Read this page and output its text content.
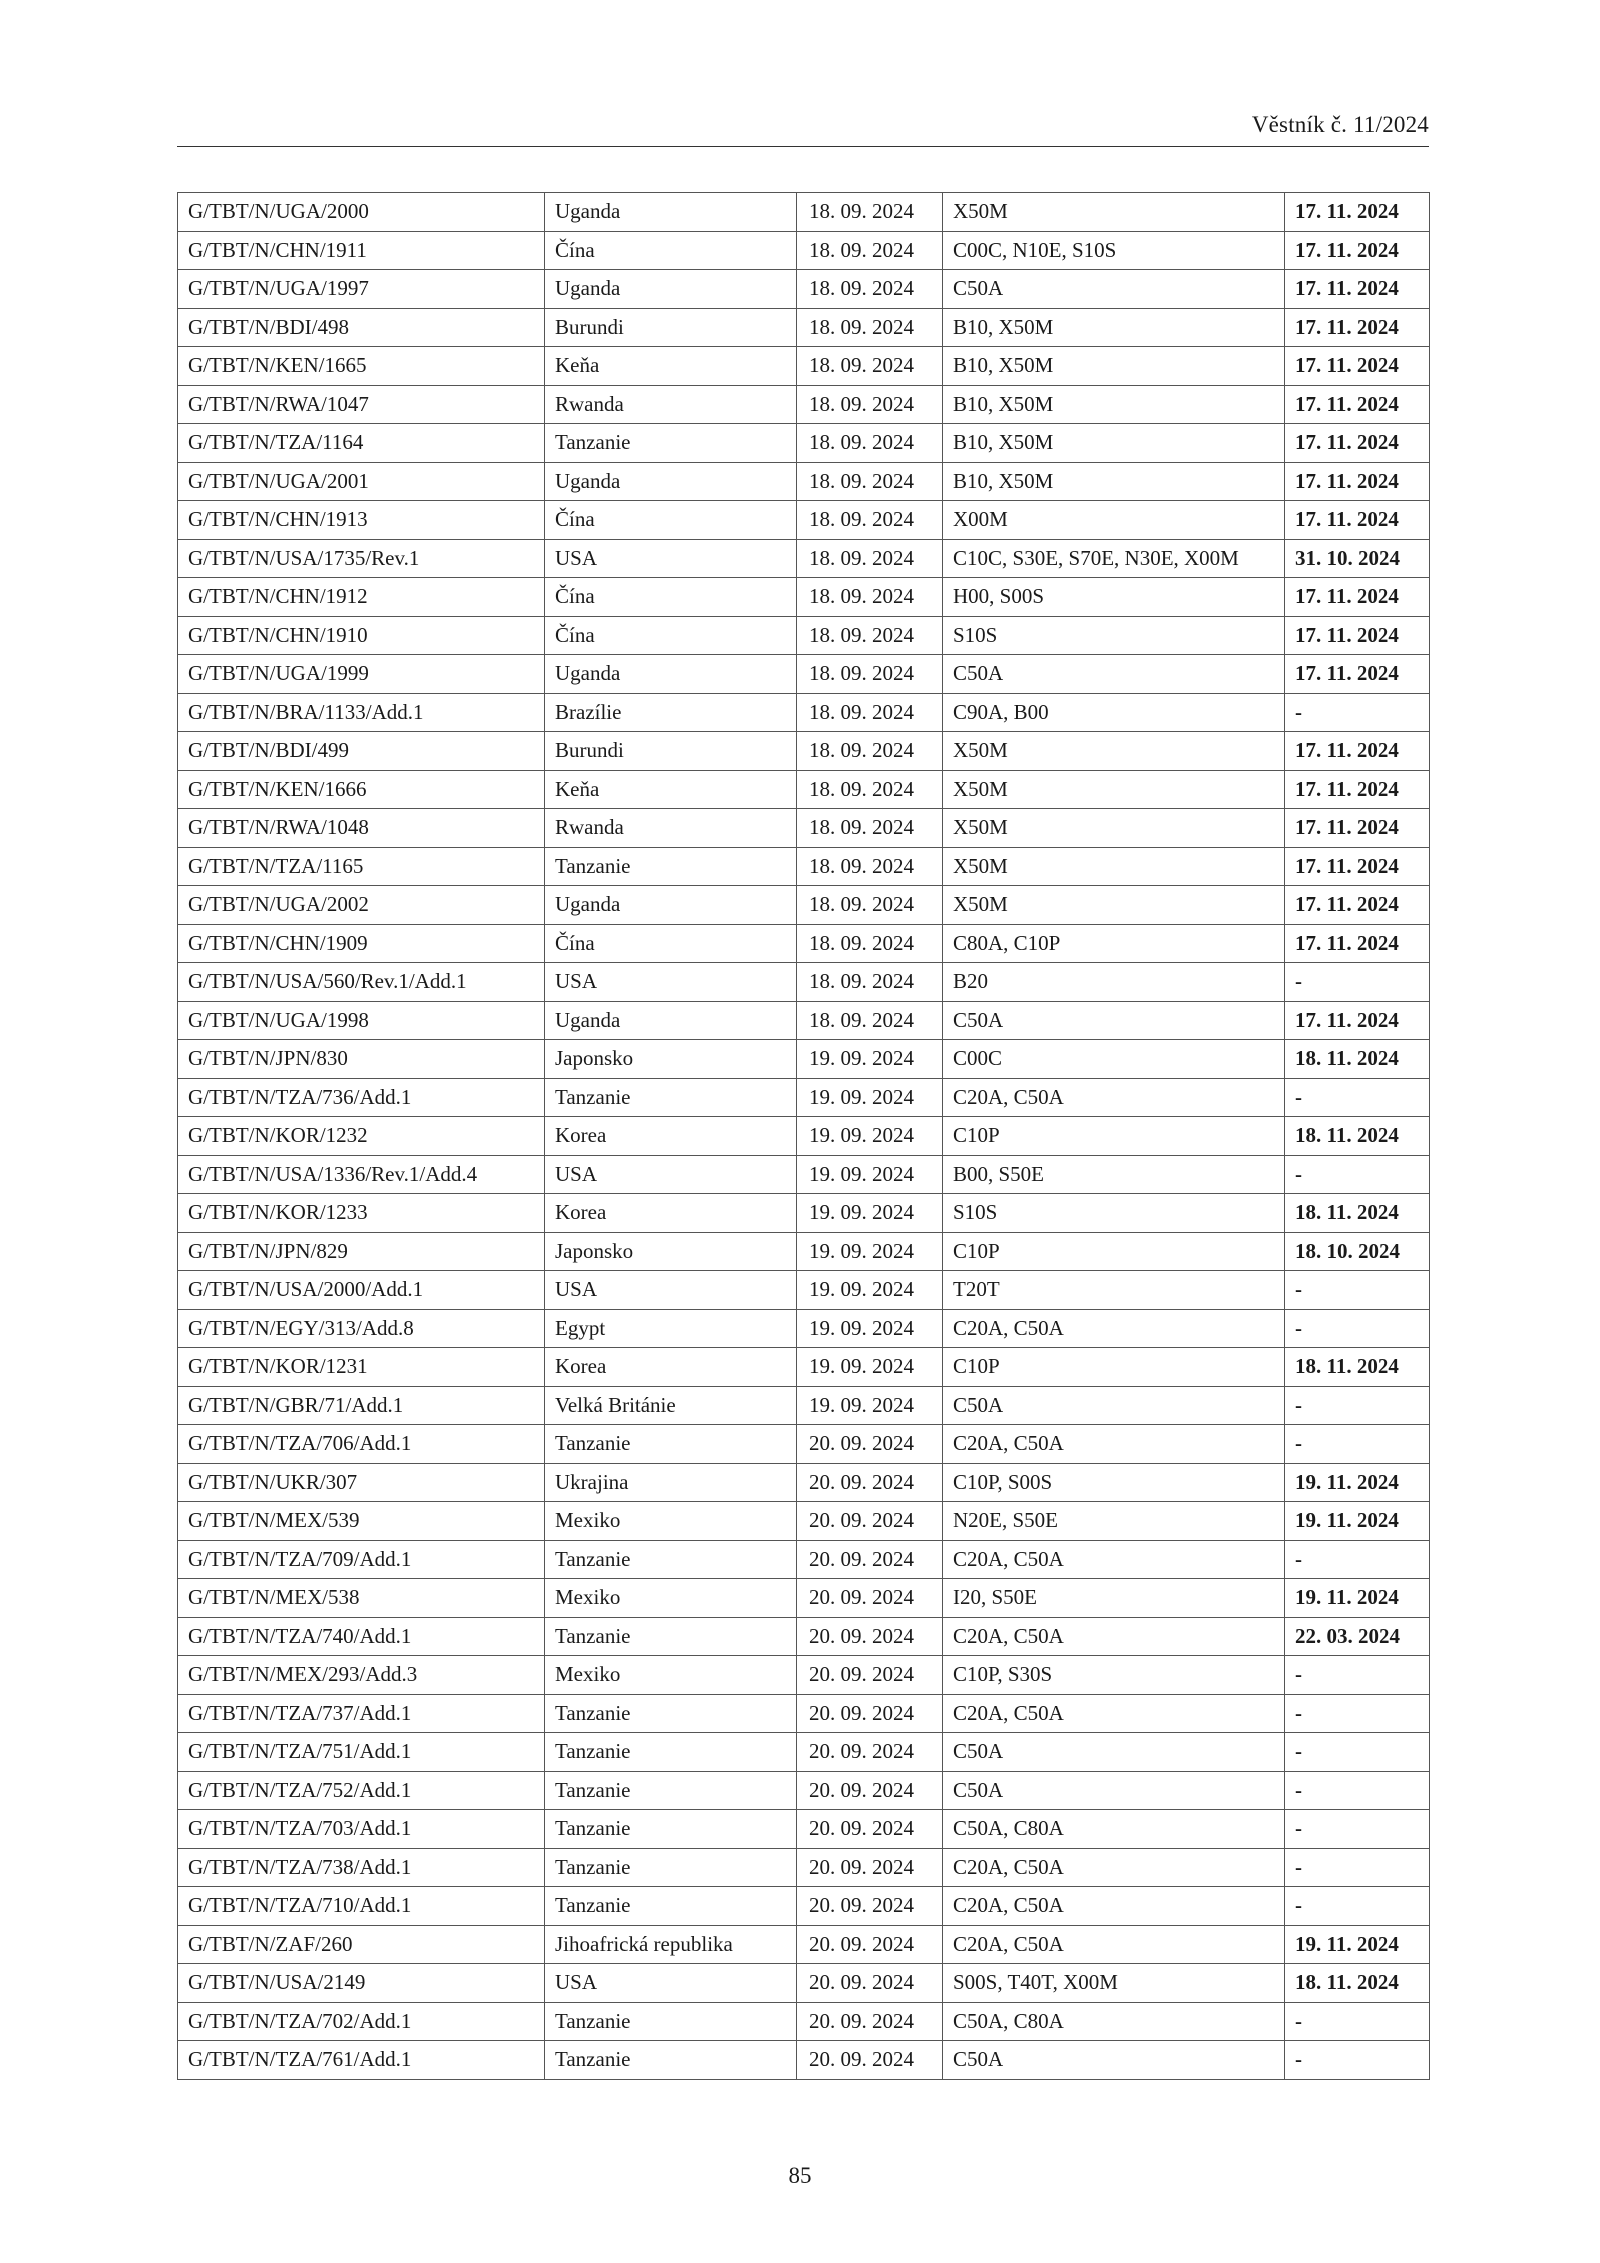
Věstník č. 11/2024
G/TBT/N/UGA/2000	Uganda	18. 09. 2024	X50M	17. 11. 2024
G/TBT/N/CHN/1911	Čína	18. 09. 2024	C00C, N10E, S10S	17. 11. 2024
G/TBT/N/UGA/1997	Uganda	18. 09. 2024	C50A	17. 11. 2024
G/TBT/N/BDI/498	Burundi	18. 09. 2024	B10, X50M	17. 11. 2024
G/TBT/N/KEN/1665	Keňa	18. 09. 2024	B10, X50M	17. 11. 2024
G/TBT/N/RWA/1047	Rwanda	18. 09. 2024	B10, X50M	17. 11. 2024
G/TBT/N/TZA/1164	Tanzanie	18. 09. 2024	B10, X50M	17. 11. 2024
G/TBT/N/UGA/2001	Uganda	18. 09. 2024	B10, X50M	17. 11. 2024
G/TBT/N/CHN/1913	Čína	18. 09. 2024	X00M	17. 11. 2024
G/TBT/N/USA/1735/Rev.1	USA	18. 09. 2024	C10C, S30E, S70E, N30E, X00M	31. 10. 2024
G/TBT/N/CHN/1912	Čína	18. 09. 2024	H00, S00S	17. 11. 2024
G/TBT/N/CHN/1910	Čína	18. 09. 2024	S10S	17. 11. 2024
G/TBT/N/UGA/1999	Uganda	18. 09. 2024	C50A	17. 11. 2024
G/TBT/N/BRA/1133/Add.1	Brazílie	18. 09. 2024	C90A, B00	-
G/TBT/N/BDI/499	Burundi	18. 09. 2024	X50M	17. 11. 2024
G/TBT/N/KEN/1666	Keňa	18. 09. 2024	X50M	17. 11. 2024
G/TBT/N/RWA/1048	Rwanda	18. 09. 2024	X50M	17. 11. 2024
G/TBT/N/TZA/1165	Tanzanie	18. 09. 2024	X50M	17. 11. 2024
G/TBT/N/UGA/2002	Uganda	18. 09. 2024	X50M	17. 11. 2024
G/TBT/N/CHN/1909	Čína	18. 09. 2024	C80A, C10P	17. 11. 2024
G/TBT/N/USA/560/Rev.1/Add.1	USA	18. 09. 2024	B20	-
G/TBT/N/UGA/1998	Uganda	18. 09. 2024	C50A	17. 11. 2024
G/TBT/N/JPN/830	Japonsko	19. 09. 2024	C00C	18. 11. 2024
G/TBT/N/TZA/736/Add.1	Tanzanie	19. 09. 2024	C20A, C50A	-
G/TBT/N/KOR/1232	Korea	19. 09. 2024	C10P	18. 11. 2024
G/TBT/N/USA/1336/Rev.1/Add.4	USA	19. 09. 2024	B00, S50E	-
G/TBT/N/KOR/1233	Korea	19. 09. 2024	S10S	18. 11. 2024
G/TBT/N/JPN/829	Japonsko	19. 09. 2024	C10P	18. 10. 2024
G/TBT/N/USA/2000/Add.1	USA	19. 09. 2024	T20T	-
G/TBT/N/EGY/313/Add.8	Egypt	19. 09. 2024	C20A, C50A	-
G/TBT/N/KOR/1231	Korea	19. 09. 2024	C10P	18. 11. 2024
G/TBT/N/GBR/71/Add.1	Velká Británie	19. 09. 2024	C50A	-
G/TBT/N/TZA/706/Add.1	Tanzanie	20. 09. 2024	C20A, C50A	-
G/TBT/N/UKR/307	Ukrajina	20. 09. 2024	C10P, S00S	19. 11. 2024
G/TBT/N/MEX/539	Mexiko	20. 09. 2024	N20E, S50E	19. 11. 2024
G/TBT/N/TZA/709/Add.1	Tanzanie	20. 09. 2024	C20A, C50A	-
G/TBT/N/MEX/538	Mexiko	20. 09. 2024	I20, S50E	19. 11. 2024
G/TBT/N/TZA/740/Add.1	Tanzanie	20. 09. 2024	C20A, C50A	22. 03. 2024
G/TBT/N/MEX/293/Add.3	Mexiko	20. 09. 2024	C10P, S30S	-
G/TBT/N/TZA/737/Add.1	Tanzanie	20. 09. 2024	C20A, C50A	-
G/TBT/N/TZA/751/Add.1	Tanzanie	20. 09. 2024	C50A	-
G/TBT/N/TZA/752/Add.1	Tanzanie	20. 09. 2024	C50A	-
G/TBT/N/TZA/703/Add.1	Tanzanie	20. 09. 2024	C50A, C80A	-
G/TBT/N/TZA/738/Add.1	Tanzanie	20. 09. 2024	C20A, C50A	-
G/TBT/N/TZA/710/Add.1	Tanzanie	20. 09. 2024	C20A, C50A	-
G/TBT/N/ZAF/260	Jihoafrická republika	20. 09. 2024	C20A, C50A	19. 11. 2024
G/TBT/N/USA/2149	USA	20. 09. 2024	S00S, T40T, X00M	18. 11. 2024
G/TBT/N/TZA/702/Add.1	Tanzanie	20. 09. 2024	C50A, C80A	-
G/TBT/N/TZA/761/Add.1	Tanzanie	20. 09. 2024	C50A	-
85
